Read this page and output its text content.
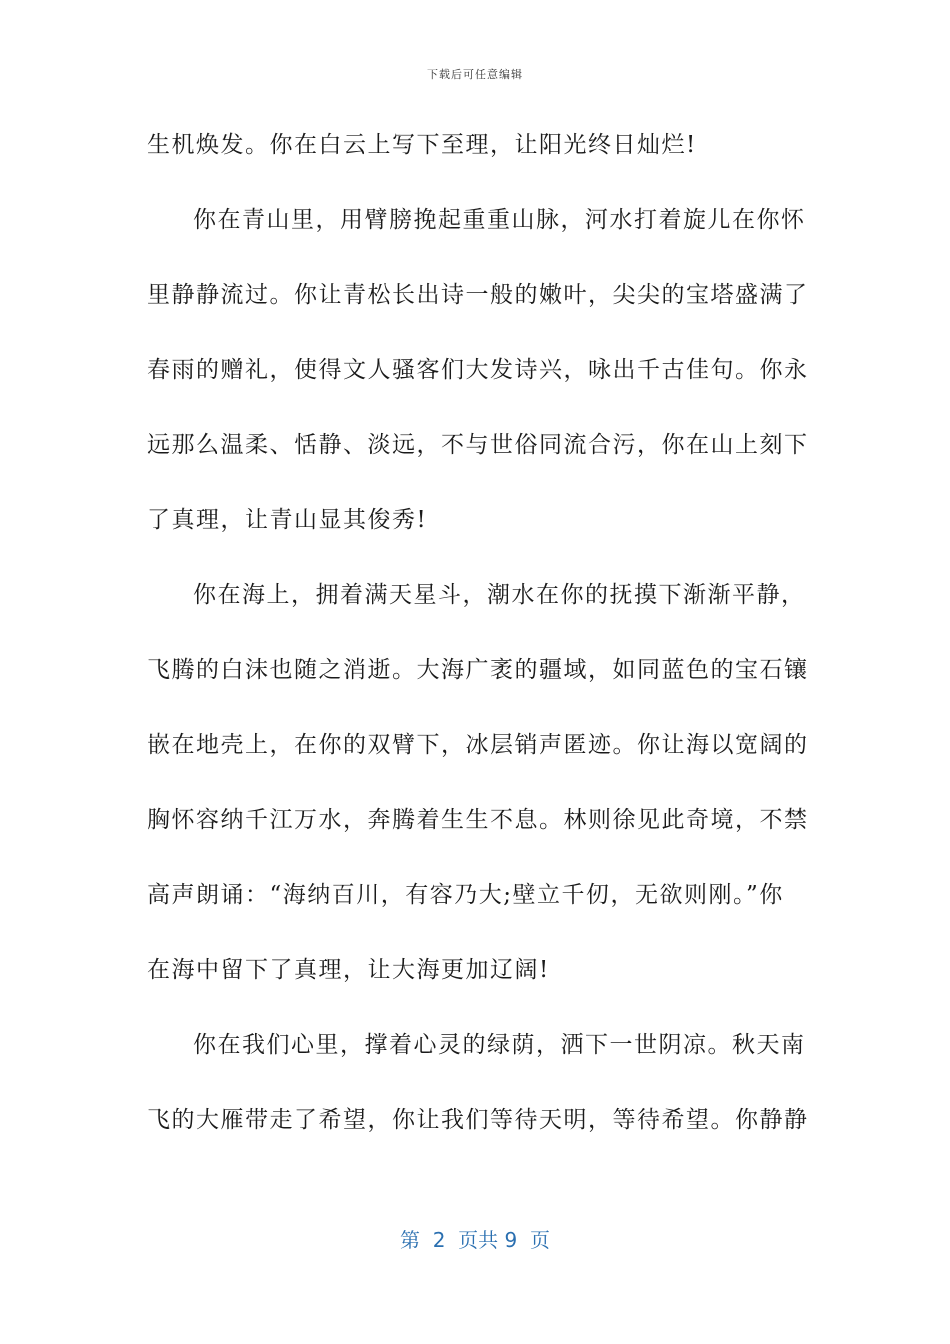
下载后可任意编辑
生机焕发。你在白云上写下至理，让阳光终日灿烂!
你在青山里，用臂膀挽起重重山脉，河水打着旋儿在你怀
里静静流过。你让青松长出诗一般的嫩叶，尖尖的宝塔盛满了
春雨的赠礼，使得文人骚客们大发诗兴，咏出千古佳句。你永
远那么温柔、恬静、淡远，不与世俗同流合污，你在山上刻下
了真理，让青山显其俊秀!
你在海上，拥着满天星斗，潮水在你的抚摸下渐渐平静，
飞腾的白沫也随之消逝。大海广袤的疆域，如同蓝色的宝石镶
嵌在地壳上，在你的双臂下，冰层销声匿迹。你让海以宽阔的
胸怀容纳千江万水，奔腾着生生不息。林则徐见此奇境，不禁
高声朗诵：“海纳百川，有容乃大;壁立千仞，无欲则刚。”你
在海中留下了真理，让大海更加辽阔!
你在我们心里，撑着心灵的绿荫，洒下一世阴凉。秋天南
飞的大雁带走了希望，你让我们等待天明，等待希望。你静静
第  2  页共 9  页
